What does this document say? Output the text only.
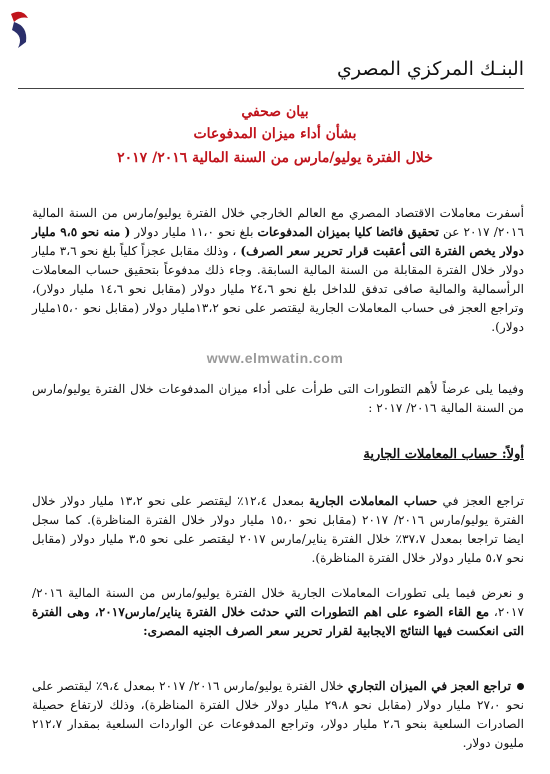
البنـك المركزي المصري
بيان صحفي
بشأن أداء ميزان المدفوعات
خلال الفترة يوليو/مارس من السنة المالية ٢٠١٦/ ٢٠١٧
أسفرت معاملات الاقتصاد المصري مع العالم الخارجي خلال الفترة يوليو/مارس من السنة المالية ٢٠١٦/ ٢٠١٧ عن تحقيق فائضا كليا بميزان المدفوعات بلغ نحو ١١،٠ مليار دولار ( منه نحو ٩،٥ مليار دولار يخص الفترة التى أعقبت قرار تحرير سعر الصرف) ، وذلك مقابل عجزاً كلياً بلغ نحو ٣،٦ مليار دولار خلال الفترة المقابلة من السنة المالية السابقة. وجاء ذلك مدفوعاً بتحقيق حساب المعاملات الرأسمالية والمالية صافى تدفق للداخل بلغ نحو ٢٤،٦ مليار دولار (مقابل نحو ١٤،٦ مليار دولار)، وتراجع العجز فى حساب المعاملات الجارية ليقتصر على نحو ١٣،٢مليار دولار (مقابل نحو ١٥،٠مليار دولار).
www.elmwatin.com
وفيما يلى عرضاً لأهم التطورات التى طرأت على أداء ميزان المدفوعات خلال الفترة يوليو/مارس من السنة المالية ٢٠١٦/ ٢٠١٧ :
أولاً: حساب المعاملات الجارية
تراجع العجز في حساب المعاملات الجارية بمعدل ١٢،٤٪ ليقتصر على نحو ١٣،٢ مليار دولار خلال الفترة يوليو/مارس ٢٠١٦/ ٢٠١٧ (مقابل نحو ١٥،٠ مليار دولار خلال الفترة المناظرة). كما سجل ايضا تراجعا بمعدل ٣٧،٧٪ خلال الفترة يناير/مارس ٢٠١٧ ليقتصر على نحو ٣،٥ مليار دولار (مقابل نحو ٥،٧ مليار دولار خلال الفترة المناظرة).
و نعرض فيما يلى تطورات المعاملات الجارية خلال الفترة يوليو/مارس من السنة المالية ٢٠١٦/ ٢٠١٧، مع القاء الضوء على اهم التطورات التي حدثت خلال الفترة يناير/مارس٢٠١٧، وهى الفترة التى انعكست فيها النتائج الايجابية لقرار تحرير سعر الصرف الجنيه المصرى:
تراجع العجز في الميزان التجاري خلال الفترة يوليو/مارس ٢٠١٦/ ٢٠١٧ بمعدل ٩،٤٪ ليقتصر على نحو ٢٧،٠ مليار دولار (مقابل نحو ٢٩،٨ مليار دولار خلال الفترة المناظرة)، وذلك لارتفاع حصيلة الصادرات السلعية بنحو ٢،٦ مليار دولار، وتراجع المدفوعات عن الواردات السلعية بمقدار ٢١٢،٧ مليون دولار.
